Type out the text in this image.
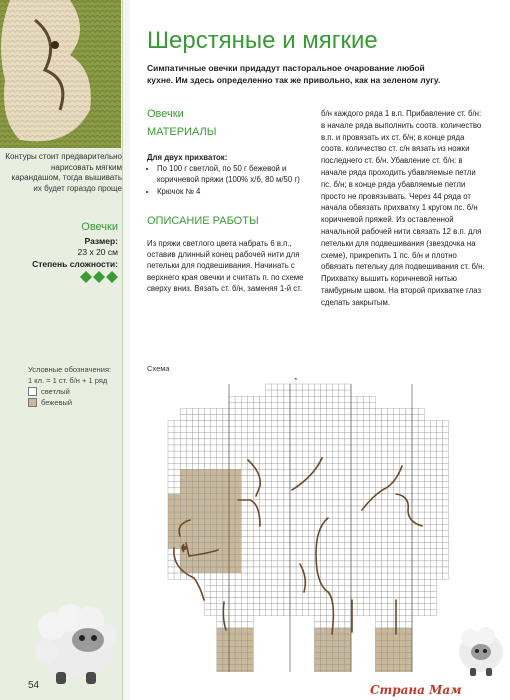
Контуры стоит предварительно нарисовать мягким карандашом, тогда вышивать их будет гораздо проще
Овечки
Размер:
23 х 20 см
Степень сложности:
Условные обозначения:
1 кл. = 1 ст. б/н + 1 ряд
светлый
бежевый
Шерстяные и мягкие
Симпатичные овечки придадут пасторальное очарование любой кухне. Им здесь определенно так же привольно, как на зеленом лугу.
Овечки
МАТЕРИАЛЫ
Для двух прихваток:
• По 100 г светлой, по 50 г бежевой и коричневой пряжи (100% х/б, 80 м/50 г)
• Крючок № 4
ОПИСАНИЕ РАБОТЫ
Из пряжи светлого цвета набрать 6 в.п., оставив длинный конец рабочей нити для петельки для подвешивания. Начинать с верхнего края овечки и считать п. по схеме сверху вниз. Вязать ст. б/н, заменяя 1-й ст.
б/н каждого ряда 1 в.п. Прибавление ст. б/н: в начале ряда выполнить соотв. количество в.п. и провязать их ст. б/н; в конце ряда соотв. количество ст. с/н вязать из ножки последнего ст. б/н. Убавление ст. б/н: в начале ряда проходить убавляемые петли пс. б/н; в конце ряда убавляемые петли просто не провязывать. Через 44 ряда от начала обвязать прихватку 1 кругом пс. б/н коричневой пряжей. Из оставленной начальной рабочей нити связать 12 в.п. для петельки для подвешивания (звездочка на схеме), прикрепить 1 пс. б/н и плотно обвязать петельку для подвешивания ст. б/н. Прихватку вышить коричневой нитью тамбурным швом. На второй прихватке глаз сделать закрытым.
Схема
*
54	Страна Мам
